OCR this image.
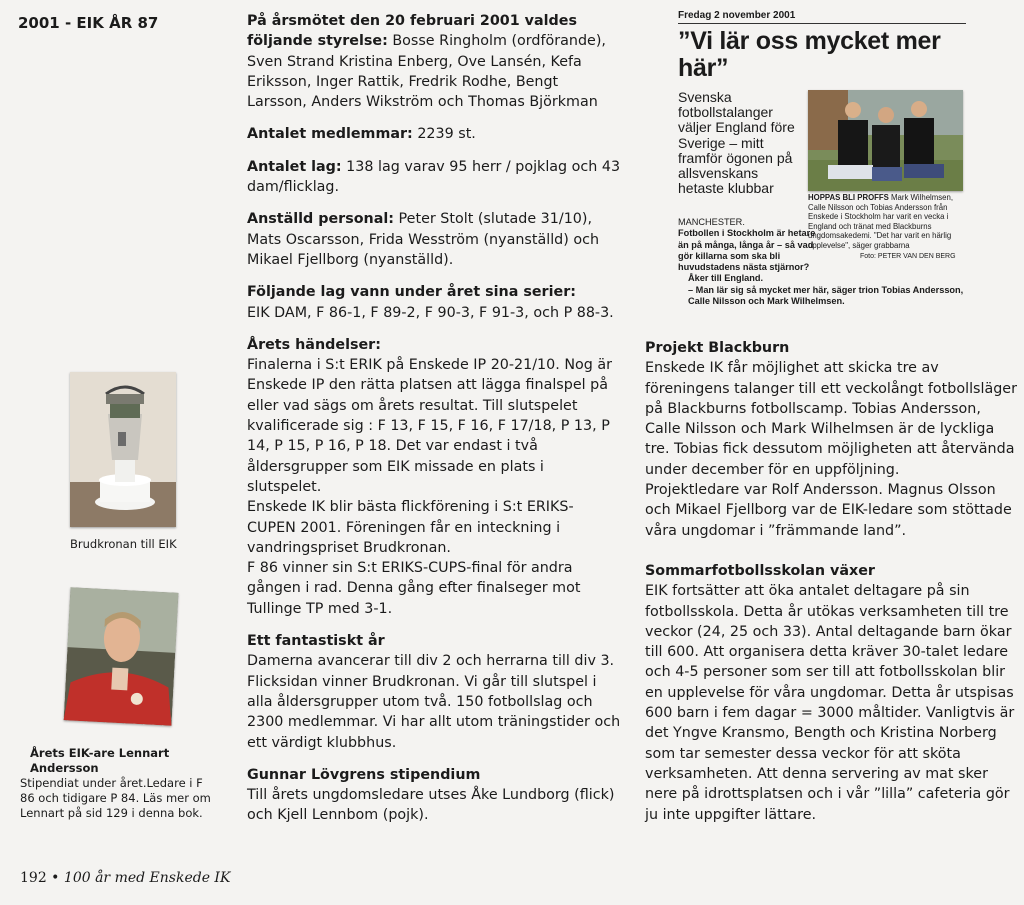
2001 - EIK ÅR 87
Brudkronan till EIK
Årets EIK-are Lennart Andersson
Stipendiat under året.Ledare i F 86 och tidigare P 84. Läs mer om Lennart på sid 129 i denna bok.

På årsmötet den 20 februari 2001 valdes följande styrelse: Bosse Ringholm (ordförande), Sven Strand Kristina Enberg, Ove Lansén, Kefa Eriksson, Inger Rattik, Fredrik Rodhe, Bengt Larsson, Anders Wikström och Thomas Björkman

Antalet medlemmar: 2239 st.

Antalet lag: 138 lag varav 95 herr / pojklag och 43 dam/flicklag.

Anställd personal: Peter Stolt (slutade 31/10), Mats Oscarsson, Frida Wesström (nyanställd) och Mikael Fjellborg (nyanställd).

Följande lag vann under året sina serier:
EIK DAM, F 86-1, F 89-2, F 90-3, F 91-3, och P 88-3.

Årets händelser:
Finalerna i S:t ERIK på Enskede IP 20-21/10. Nog är Enskede IP den rätta platsen att lägga finalspel på eller vad sägs om årets resultat. Till slutspelet kvalificerade sig : F 13, F 15, F 16, F 17/18, P 13, P 14, P 15, P 16, P 18. Det var endast i två åldersgrupper som EIK missade en plats i slutspelet.
Enskede IK blir bästa flickförening i S:t ERIKS-CUPEN 2001. Föreningen får en inteckning i vandringspriset Brudkronan.
F 86 vinner sin S:t ERIKS-CUPS-final för andra gången i rad. Denna gång efter finalseger mot Tullinge TP med 3-1.

Ett fantastiskt år
Damerna avancerar till div 2 och herrarna till div 3. Flicksidan vinner Brudkronan. Vi går till slutspel i alla åldersgrupper utom två. 150 fotbollslag och 2300 medlemmar. Vi har allt utom träningstider och ett värdigt klubbhus.

Gunnar Lövgrens stipendium
Till årets ungdomsledare utses Åke Lundborg (flick) och Kjell Lennbom (pojk).

Fredag 2 november 2001
”Vi lär oss mycket mer här”
Svenska fotbollstalanger väljer England före Sverige – mitt framför ögonen på allsvenskans hetaste klubbar
HOPPAS BLI PROFFS Mark Wilhelmsen, Calle Nilsson och Tobias Andersson från Enskede i Stockholm har varit en vecka i England och tränat med Blackburns ungdomsakedemi. "Det har varit en härlig upplevelse", säger grabbarna
Foto: PETER VAN DEN BERG
MANCHESTER.
Fotbollen i Stockholm är hetare än på många, långa år – så vad gör killarna som ska bli huvudstadens nästa stjärnor?
Åker till England.
– Man lär sig så mycket mer här, säger trion Tobias Andersson, Calle Nilsson och Mark Wilhelmsen.

Projekt Blackburn
Enskede IK får möjlighet att skicka tre av föreningens talanger till ett veckolångt fotbollsläger på Blackburns fotbollscamp. Tobias Andersson, Calle Nilsson och Mark Wilhelmsen är de lyckliga tre. Tobias fick dessutom möjligheten att återvända under december för en uppföljning.
Projektledare var Rolf Andersson. Magnus Olsson och Mikael Fjellborg var de EIK-ledare som stöttade våra ungdomar i ”främmande land”.

Sommarfotbollsskolan växer
EIK fortsätter att öka antalet deltagare på sin fotbollsskola. Detta år utökas verksamheten till tre veckor (24, 25 och 33). Antal deltagande barn ökar till 600. Att organisera detta kräver 30-talet ledare och 4-5 personer som ser till att fotbollsskolan blir en upplevelse för våra ungdomar. Detta år utspisas 600 barn i fem dagar = 3000 måltider. Vanligtvis är det Yngve Kransmo, Bength och Kristina Norberg som tar semester dessa veckor för att sköta verksamheten. Att denna servering av mat sker nere på idrottsplatsen och i vår ”lilla” cafeteria gör ju inte uppgifter lättare.

192 • 100 år med Enskede IK
